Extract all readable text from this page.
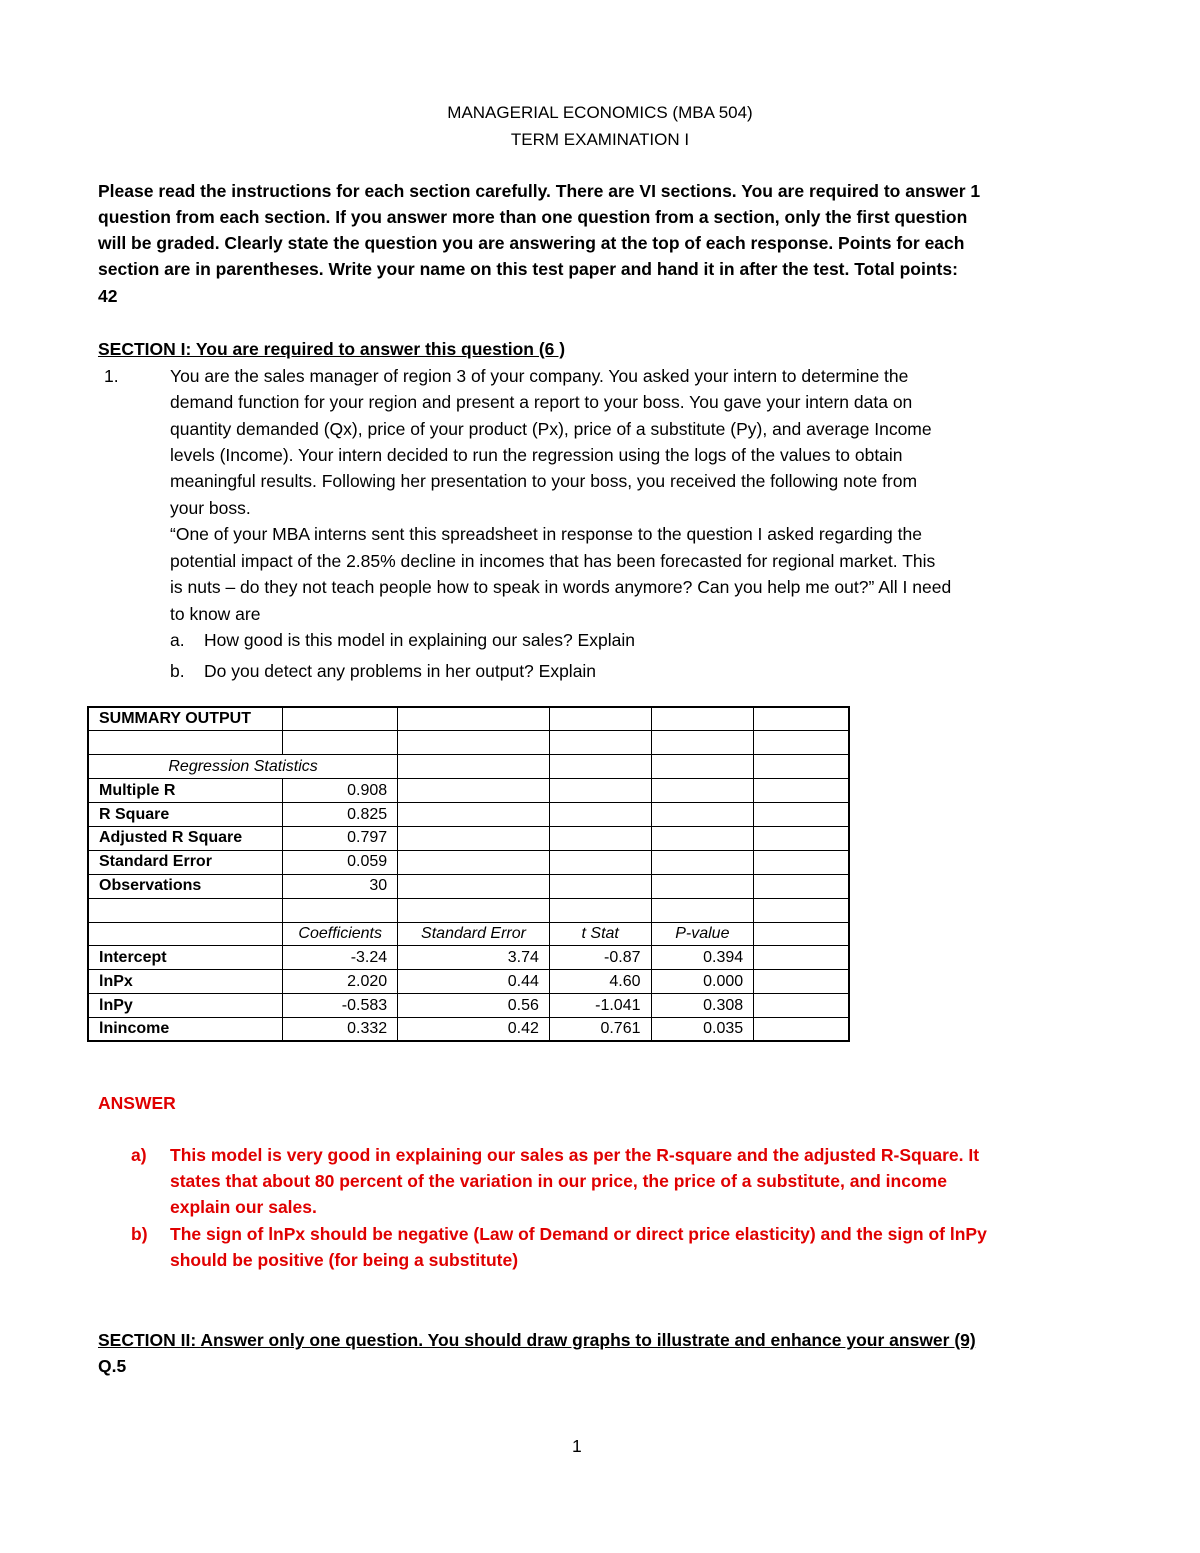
MANAGERIAL ECONOMICS (MBA 504)
TERM EXAMINATION I
Please read the instructions for each section carefully. There are VI sections. You are required to answer 1
question from each section. If you answer more than one question from a section, only the first question
will be graded. Clearly state the question you are answering at the top of each response. Points for each
section are in parentheses. Write your name on this test paper and hand it in after the test. Total points:
42
SECTION I: You are required to answer this question (6 )
1.	You are the sales manager of region 3 of your company. You asked your intern to determine the
demand function for your region and present a report to your boss. You gave your intern data on
quantity demanded (Qx), price of your product (Px), price of a substitute (Py), and average Income
levels (Income). Your intern decided to run the regression using the logs of the values to obtain
meaningful results. Following her presentation to your boss, you received the following note from
your boss.
“One of your MBA interns sent this spreadsheet in response to the question I asked regarding the
potential impact of the 2.85% decline in incomes that has been forecasted for regional market. This
is nuts – do they not teach people how to speak in words anymore? Can you help me out?” All I need
to know are
a. How good is this model in explaining our sales? Explain
b. Do you detect any problems in her output? Explain
SUMMARY OUTPUT					

Regression Statistics					
Multiple R	0.908				
R Square	0.825				
Adjusted R Square	0.797				
Standard Error	0.059				
Observations	30				

	Coefficients	Standard Error	t Stat	P-value	
Intercept	-3.24	3.74	-0.87	0.394	
lnPx	2.020	0.44	4.60	0.000	
lnPy	-0.583	0.56	-1.041	0.308	
lnincome	0.332	0.42	0.761	0.035	
ANSWER
a) This model is very good in explaining our sales as per the R-square and the adjusted R-Square. It
states that about 80 percent of the variation in our price, the price of a substitute, and income
explain our sales.
b) The sign of lnPx should be negative (Law of Demand or direct price elasticity) and the sign of lnPy
should be positive (for being a substitute)
SECTION II: Answer only one question. You should draw graphs to illustrate and enhance your answer (9)
Q.5
1
